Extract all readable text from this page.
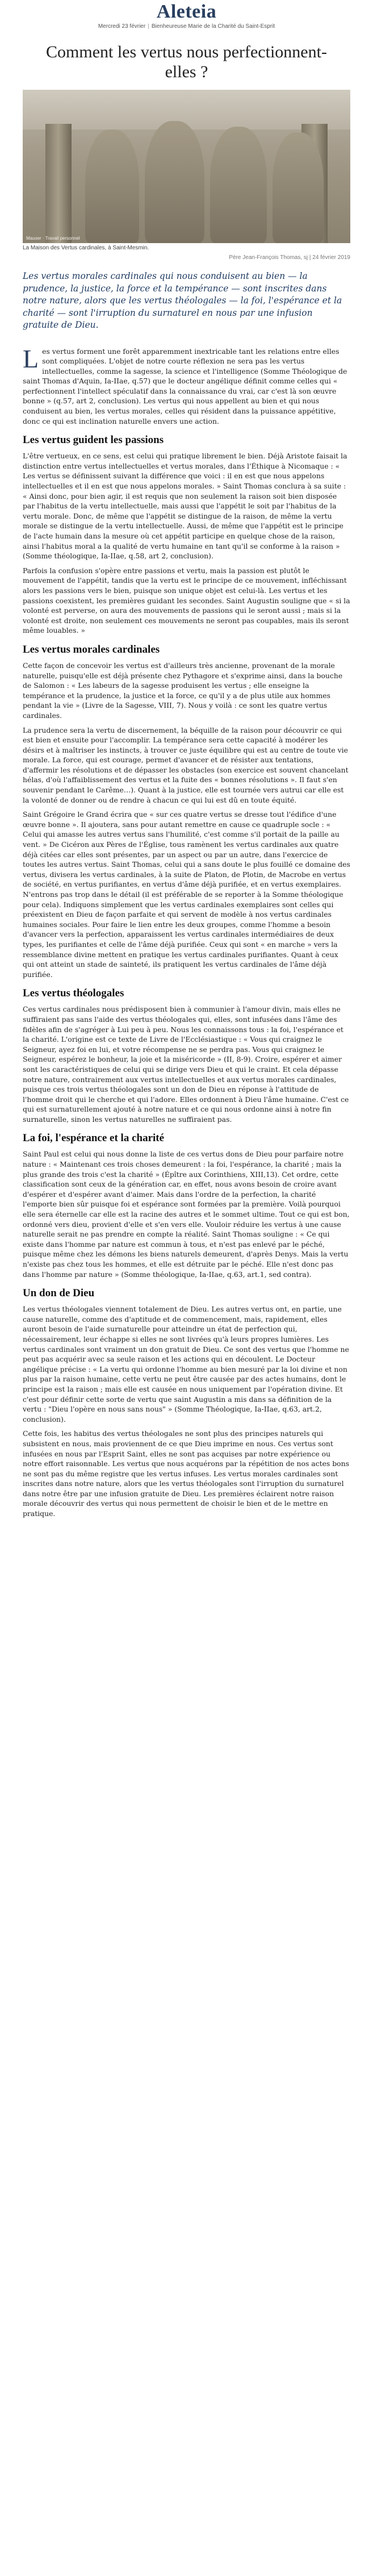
Aleteia
Mercredi 23 février | Bienheureuse Marie de la Charité du Saint-Esprit
Comment les vertus nous perfectionnent-elles ?
Mauser · Travail personnel
La Maison des Vertus cardinales, à Saint-Mesmin.
Père Jean-François Thomas, sj | 24 février 2019

Les vertus morales cardinales qui nous conduisent au bien — la prudence, la justice, la force et la tempérance — sont inscrites dans notre nature, alors que les vertus théologales — la foi, l'espérance et la charité — sont l'irruption du surnaturel en nous par une infusion gratuite de Dieu.

Les vertus forment une forêt apparemment inextricable tant les relations entre elles sont compliquées. L'objet de notre courte réflexion ne sera pas les vertus intellectuelles, comme la sagesse, la science et l'intelligence (Somme Théologique de saint Thomas d'Aquin, Ia-IIae, q.57) que le docteur angélique définit comme celles qui « perfectionnent l'intellect spéculatif dans la connaissance du vrai, car c'est là son œuvre bonne » (q.57, art 2, conclusion). Les vertus qui nous appellent au bien et qui nous conduisent au bien, les vertus morales, celles qui résident dans la puissance appétitive, donc ce qui est inclination naturelle envers une action.

Les vertus guident les passions

L'être vertueux, en ce sens, est celui qui pratique librement le bien. Déjà Aristote faisait la distinction entre vertus intellectuelles et vertus morales, dans l'Éthique à Nicomaque : « Les vertus se définissent suivant la différence que voici : il en est que nous appelons intellectuelles et il en est que nous appelons morales. » Saint Thomas conclura à sa suite : « Ainsi donc, pour bien agir, il est requis que non seulement la raison soit bien disposée par l'habitus de la vertu intellectuelle, mais aussi que l'appétit le soit par l'habitus de la vertu morale. Donc, de même que l'appétit se distingue de la raison, de même la vertu morale se distingue de la vertu intellectuelle. Aussi, de même que l'appétit est le principe de l'acte humain dans la mesure où cet appétit participe en quelque chose de la raison, ainsi l'habitus moral a la qualité de vertu humaine en tant qu'il se conforme à la raison » (Somme théologique, Ia-IIae, q.58, art 2, conclusion).

Parfois la confusion s'opère entre passions et vertu, mais la passion est plutôt le mouvement de l'appétit, tandis que la vertu est le principe de ce mouvement, infléchissant alors les passions vers le bien, puisque son unique objet est celui-là. Les vertus et les passions coexistent, les premières guidant les secondes. Saint Augustin souligne que « si la volonté est perverse, on aura des mouvements de passions qui le seront aussi ; mais si la volonté est droite, non seulement ces mouvements ne seront pas coupables, mais ils seront même louables. »

Les vertus morales cardinales

Cette façon de concevoir les vertus est d'ailleurs très ancienne, provenant de la morale naturelle, puisqu'elle est déjà présente chez Pythagore et s'exprime ainsi, dans la bouche de Salomon : « Les labeurs de la sagesse produisent les vertus ; elle enseigne la tempérance et la prudence, la justice et la force, ce qu'il y a de plus utile aux hommes pendant la vie » (Livre de la Sagesse, VIII, 7). Nous y voilà : ce sont les quatre vertus cardinales.

La prudence sera la vertu de discernement, la béquille de la raison pour découvrir ce qui est bien et ensuite pour l'accomplir. La tempérance sera cette capacité à modérer les désirs et à maîtriser les instincts, à trouver ce juste équilibre qui est au centre de toute vie morale. La force, qui est courage, permet d'avancer et de résister aux tentations, d'affermir les résolutions et de dépasser les obstacles (son exercice est souvent chancelant hélas, d'où l'affaiblissement des vertus et la fuite des « bonnes résolutions ». Il faut s'en souvenir pendant le Carême…). Quant à la justice, elle est tournée vers autrui car elle est la volonté de donner ou de rendre à chacun ce qui lui est dû en toute équité.

Saint Grégoire le Grand écrira que « sur ces quatre vertus se dresse tout l'édifice d'une œuvre bonne ». Il ajoutera, sans pour autant remettre en cause ce quadruple socle : « Celui qui amasse les autres vertus sans l'humilité, c'est comme s'il portait de la paille au vent. » De Cicéron aux Pères de l'Église, tous ramènent les vertus cardinales aux quatre déjà citées car elles sont présentes, par un aspect ou par un autre, dans l'exercice de toutes les autres vertus. Saint Thomas, celui qui a sans doute le plus fouillé ce domaine des vertus, divisera les vertus cardinales, à la suite de Platon, de Plotin, de Macrobe en vertus de société, en vertus purifiantes, en vertus d'âme déjà purifiée, et en vertus exemplaires. N'entrons pas trop dans le détail (il est préférable de se reporter à la Somme théologique pour cela). Indiquons simplement que les vertus cardinales exemplaires sont celles qui préexistent en Dieu de façon parfaite et qui servent de modèle à nos vertus cardinales humaines sociales. Pour faire le lien entre les deux groupes, comme l'homme a besoin d'avancer vers la perfection, apparaissent les vertus cardinales intermédiaires de deux types, les purifiantes et celle de l'âme déjà purifiée. Ceux qui sont « en marche » vers la ressemblance divine mettent en pratique les vertus cardinales purifiantes. Quant à ceux qui ont atteint un stade de sainteté, ils pratiquent les vertus cardinales de l'âme déjà purifiée.

Les vertus théologales

Ces vertus cardinales nous prédisposent bien à communier à l'amour divin, mais elles ne suffiraient pas sans l'aide des vertus théologales qui, elles, sont infusées dans l'âme des fidèles afin de s'agréger à Lui peu à peu. Nous les connaissons tous : la foi, l'espérance et la charité. L'origine est ce texte de Livre de l'Ecclésiastique : « Vous qui craignez le Seigneur, ayez foi en lui, et votre récompense ne se perdra pas. Vous qui craignez le Seigneur, espérez le bonheur, la joie et la miséricorde » (II, 8-9). Croire, espérer et aimer sont les caractéristiques de celui qui se dirige vers Dieu et qui le craint. Et cela dépasse notre nature, contrairement aux vertus intellectuelles et aux vertus morales cardinales, puisque ces trois vertus théologales sont un don de Dieu en réponse à l'attitude de l'homme droit qui le cherche et qui l'adore. Elles ordonnent à Dieu l'âme humaine. C'est ce qui est surnaturellement ajouté à notre nature et ce qui nous ordonne ainsi à notre fin surnaturelle, sinon les vertus naturelles ne suffiraient pas.

La foi, l'espérance et la charité

Saint Paul est celui qui nous donne la liste de ces vertus dons de Dieu pour parfaire notre nature : « Maintenant ces trois choses demeurent : la foi, l'espérance, la charité ; mais la plus grande des trois c'est la charité » (Épître aux Corinthiens, XIII,13). Cet ordre, cette classification sont ceux de la génération car, en effet, nous avons besoin de croire avant d'espérer et d'espérer avant d'aimer. Mais dans l'ordre de la perfection, la charité l'emporte bien sûr puisque foi et espérance sont formées par la première. Voilà pourquoi elle sera éternelle car elle est la racine des autres et le sommet ultime. Tout ce qui est bon, ordonné vers dieu, provient d'elle et s'en vers elle. Vouloir réduire les vertus à une cause naturelle serait ne pas prendre en compte la réalité. Saint Thomas souligne : « Ce qui existe dans l'homme par nature est commun à tous, et n'est pas enlevé par le péché, puisque même chez les démons les biens naturels demeurent, d'après Denys. Mais la vertu n'existe pas chez tous les hommes, et elle est détruite par le péché. Elle n'est donc pas dans l'homme par nature » (Somme théologique, Ia-IIae, q.63, art.1, sed contra).

Un don de Dieu

Les vertus théologales viennent totalement de Dieu. Les autres vertus ont, en partie, une cause naturelle, comme des d'aptitude et de commencement, mais, rapidement, elles auront besoin de l'aide surnaturelle pour atteindre un état de perfection qui, nécessairement, leur échappe si elles ne sont livrées qu'à leurs propres lumières. Les vertus cardinales sont vraiment un don gratuit de Dieu. Ce sont des vertus que l'homme ne peut pas acquérir avec sa seule raison et les actions qui en découlent. Le Docteur angélique précise : « La vertu qui ordonne l'homme au bien mesuré par la loi divine et non plus par la raison humaine, cette vertu ne peut être causée par des actes humains, dont le principe est la raison ; mais elle est causée en nous uniquement par l'opération divine. Et c'est pour définir cette sorte de vertu que saint Augustin a mis dans sa définition de la vertu : "Dieu l'opère en nous sans nous" » (Somme Théologique, Ia-IIae, q.63, art.2, conclusion).

Cette fois, les habitus des vertus théologales ne sont plus des principes naturels qui subsistent en nous, mais proviennent de ce que Dieu imprime en nous. Ces vertus sont infusées en nous par l'Esprit Saint, elles ne sont pas acquises par notre expérience ou notre effort raisonnable. Les vertus que nous acquérons par la répétition de nos actes bons ne sont pas du même registre que les vertus infuses. Les vertus morales cardinales sont inscrites dans notre nature, alors que les vertus théologales sont l'irruption du surnaturel dans notre être par une infusion gratuite de Dieu. Les premières éclairent notre raison morale découvrir des vertus qui nous permettent de choisir le bien et de le mettre en pratique.
